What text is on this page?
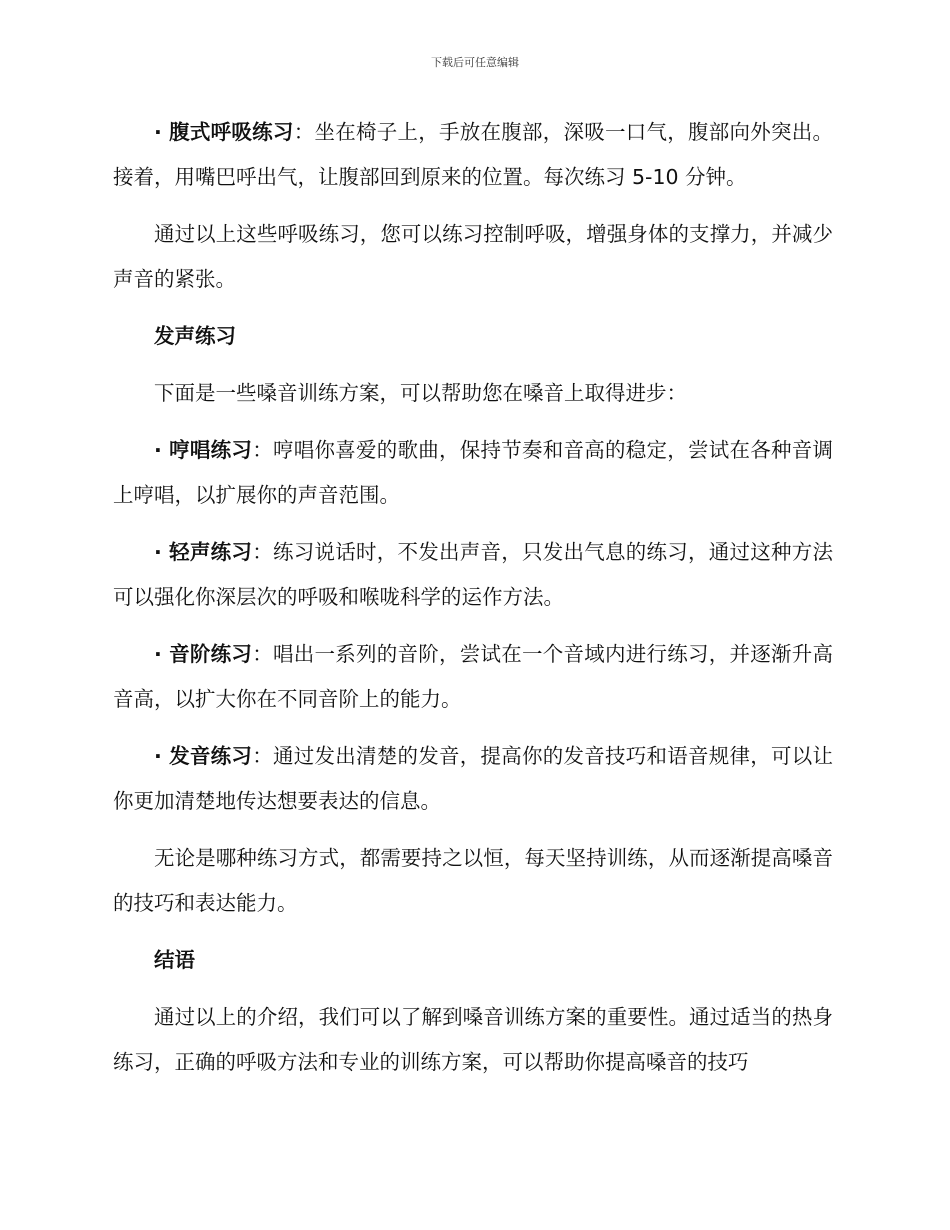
下载后可任意编辑

· 腹式呼吸练习：坐在椅子上，手放在腹部，深吸一口气，腹部向外突出。接着，用嘴巴呼出气，让腹部回到原来的位置。每次练习 5-10 分钟。

通过以上这些呼吸练习，您可以练习控制呼吸，增强身体的支撑力，并减少声音的紧张。

发声练习

下面是一些嗓音训练方案，可以帮助您在嗓音上取得进步：

· 哼唱练习：哼唱你喜爱的歌曲，保持节奏和音高的稳定，尝试在各种音调上哼唱，以扩展你的声音范围。

· 轻声练习：练习说话时，不发出声音，只发出气息的练习，通过这种方法可以强化你深层次的呼吸和喉咙科学的运作方法。

· 音阶练习：唱出一系列的音阶，尝试在一个音域内进行练习，并逐渐升高音高，以扩大你在不同音阶上的能力。

· 发音练习：通过发出清楚的发音，提高你的发音技巧和语音规律，可以让你更加清楚地传达想要表达的信息。

无论是哪种练习方式，都需要持之以恒，每天坚持训练，从而逐渐提高嗓音的技巧和表达能力。

结语

通过以上的介绍，我们可以了解到嗓音训练方案的重要性。通过适当的热身练习，正确的呼吸方法和专业的训练方案，可以帮助你提高嗓音的技巧
